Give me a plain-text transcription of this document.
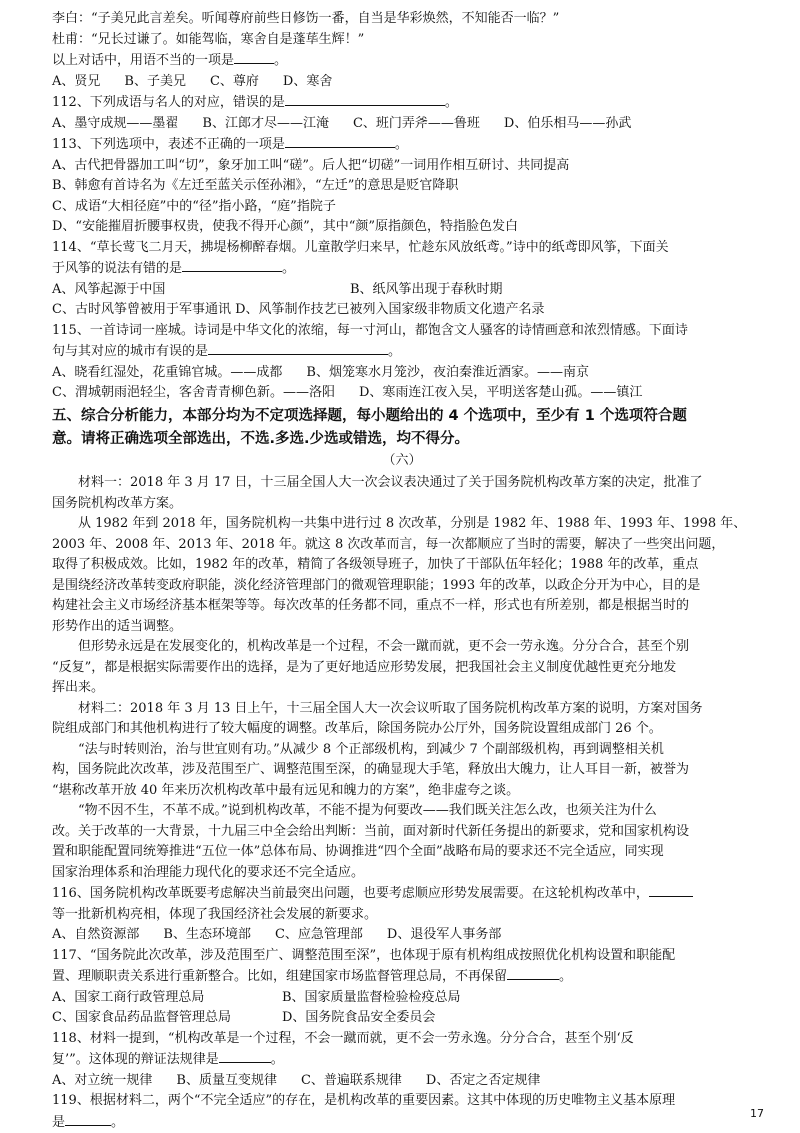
李白：“子美兄此言差矣。听闻尊府前些日修饬一番，自当是华彩焕然，不知能否一临？”

杜甫：“兄长过谦了。如能驾临，寒舍自是蓬荜生辉！”

以上对话中，用语不当的一项是	。

A、贤兄 B、子美兄 C、尊府 D、寒舍

112、下列成语与名人的对应，错误的是	。

A、墨守成规——墨翟 B、江郎才尽——江淹 C、班门弄斧——鲁班 D、伯乐相马——孙武

113、下列选项中，表述不正确的一项是	。

A、古代把骨器加工叫“切”，象牙加工叫“磋”。后人把“切磋”一词用作相互研讨、共同提高

B、韩愈有首诗名为《左迁至蓝关示侄孙湘》，“左迁”的意思是贬官降职

C、成语“大相径庭”中的“径”指小路，“庭”指院子

D、“安能摧眉折腰事权贵，使我不得开心颜”，其中“颜”原指颜色，特指脸色发白

114、“草长莺飞二月天，拂堤杨柳醉春烟。儿童散学归来早，忙趁东风放纸鸢。”诗中的纸鸢即风筝，下面关

于风筝的说法有错的是	。

A、风筝起源于中国	B、纸风筝出现于春秋时期

C、古时风筝曾被用于军事通讯 D、风筝制作技艺已被列入国家级非物质文化遗产名录

115、一首诗词一座城。诗词是中华文化的浓缩，每一寸河山，都饱含文人骚客的诗情画意和浓烈情感。下面诗

句与其对应的城市有误的是	。

A、晓看红湿处，花重锦官城。——成都 B、烟笼寒水月笼沙，夜泊秦淮近酒家。——南京

C、渭城朝雨浥轻尘，客舍青青柳色新。——洛阳 D、寒雨连江夜入吴，平明送客楚山孤。——镇江

五、综合分析能力，本部分均为不定项选择题，每小题给出的 4 个选项中，至少有 1 个选项符合题

意。请将正确选项全部选出，不选.多选.少选或错选，均不得分。

（六）

材料一：2018 年 3 月 17 日，十三届全国人大一次会议表决通过了关于国务院机构改革方案的决定，批准了

国务院机构改革方案。

从 1982 年到 2018 年，国务院机构一共集中进行过 8 次改革，分别是 1982 年、1988 年、1993 年、1998 年、

2003 年、2008 年、2013 年、2018 年。就这 8 次改革而言，每一次都顺应了当时的需要，解决了一些突出问题，

取得了积极成效。比如，1982 年的改革，精简了各级领导班子，加快了干部队伍年轻化；1988 年的改革，重点

是围绕经济改革转变政府职能，淡化经济管理部门的微观管理职能；1993 年的改革，以政企分开为中心，目的是

构建社会主义市场经济基本框架等等。每次改革的任务都不同，重点不一样，形式也有所差别，都是根据当时的

形势作出的适当调整。

但形势永远是在发展变化的，机构改革是一个过程，不会一蹴而就，更不会一劳永逸。分分合合，甚至个别

“反复”，都是根据实际需要作出的选择，是为了更好地适应形势发展，把我国社会主义制度优越性更充分地发

挥出来。

材料二：2018 年 3 月 13 日上午，十三届全国人大一次会议听取了国务院机构改革方案的说明，方案对国务

院组成部门和其他机构进行了较大幅度的调整。改革后，除国务院办公厅外，国务院设置组成部门 26 个。

“法与时转则治，治与世宜则有功。”从减少 8 个正部级机构，到减少 7 个副部级机构，再到调整相关机

构，国务院此次改革，涉及范围至广、调整范围至深，的确显现大手笔，释放出大魄力，让人耳目一新，被誉为

“堪称改革开放 40 年来历次机构改革中最有远见和魄力的方案”，绝非虚夸之谈。

“物不因不生，不革不成。”说到机构改革，不能不提为何要改——我们既关注怎么改，也须关注为什么

改。关于改革的一大背景，十九届三中全会给出判断：当前，面对新时代新任务提出的新要求，党和国家机构设

置和职能配置同统筹推进“五位一体”总体布局、协调推进“四个全面”战略布局的要求还不完全适应，同实现

国家治理体系和治理能力现代化的要求还不完全适应。

116、国务院机构改革既要考虑解决当前最突出问题，也要考虑顺应形势发展需要。在这轮机构改革中，

等一批新机构亮相，体现了我国经济社会发展的新要求。

A、自然资源部 B、生态环境部 C、应急管理部 D、退役军人事务部

117、“国务院此次改革，涉及范围至广、调整范围至深”，也体现于原有机构组成按照优化机构设置和职能配

置、理顺职责关系进行重新整合。比如，组建国家市场监督管理总局，不再保留	。

A、国家工商行政管理总局	B、国家质量监督检验检疫总局

C、国家食品药品监督管理总局	D、国务院食品安全委员会

118、材料一提到，“机构改革是一个过程，不会一蹴而就，更不会一劳永逸。分分合合，甚至个别‘反

复’”。这体现的辩证法规律是	。

A、对立统一规律 B、质量互变规律 C、普遍联系规律 D、否定之否定规律

119、根据材料二，两个“不完全适应”的存在，是机构改革的重要因素。这其中体现的历史唯物主义基本原理

是	。

17
